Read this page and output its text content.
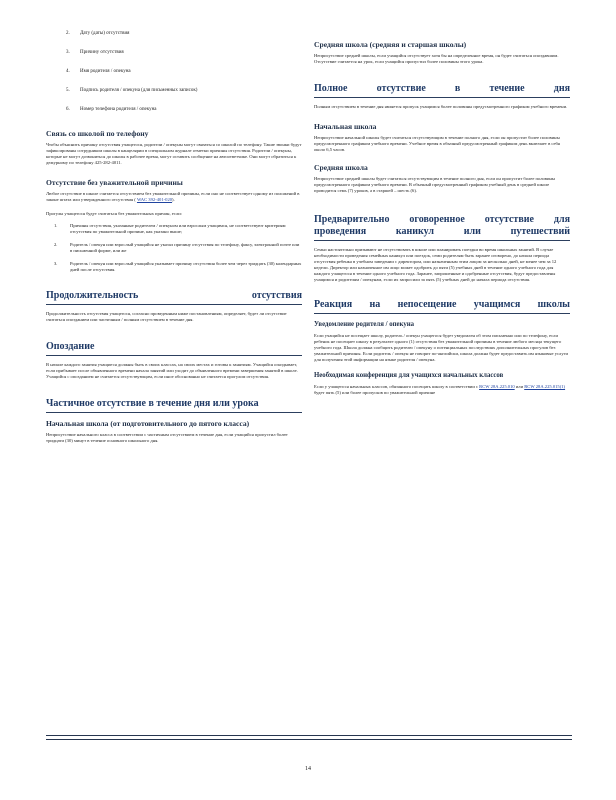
2.	Дату (даты) отсутствия
3.	Причину отсутствия
4.	Имя родителя / опекуна
5.	Подпись родителя / опекуна (для письменных записок)
6.	Номер телефона родителя / опекуна
Связь со школой по телефону

Чтобы объяснить причину отсутствия учащегося, родители / опекуны могут связаться со школой по телефону. Такие звонки будут зафиксированы сотрудником школы в канцелярии в специальном журнале отметки причины отсутствия. Родители / опекуны, которые не могут дозвониться до школы в рабочее время, могут оставить сообщение на автоответчике. Они могут обратиться к дежурному по телефону 425-282-4011.

Отсутствие без уважительной причины

Любое отсутствие в школе считается отсутствием без уважительной причины, если оно не соответствует одному из положений в законе штата или утвержденного отсутствия ( WAC 392-401-020).

Прогулы учащегося будут считаться без уважительных причин, если:

1.	Причины отсутствия, указанные родителем / опекуном или взрослым учащимся, не соответствуют критериям отсутствия по уважительной причине, как указано выше;
2.	Родитель / опекун или взрослый учащийся не указал причину отсутствия по телефону, факсу, электронной почте или в письменной форме, или же
3.	Родитель / опекун или взрослый учащийся указывает причину отсутствия более чем через тридцать (30) календарных дней после отсутствия.
Продолжительность отсутствия

Продолжительность отсутствия учащегося, согласно проведенным ниже постановлениям, определяет, будет ли отсутствие считаться опозданием или частичным / полным отсутствием в течение дня.

Опоздание

В начале каждого занятия учащиеся должны быть в своих классах, на своих местах и готовы к занятиям. Учащийся опаздывает, если прибывает после объявленного времени начала занятий или уходит до объявленного времени завершения занятий в школе. Учащийся с опозданием не считается отсутствующим, если иное обоснованно не считается прогулом отсутствия.

Частичное отсутствие в течение дня или урока
Начальная школа (от подготовительного до пятого класса)

Неприсутствие начального класса в соответствии с частичным отсутствием в течение дня, если учащийся пропустил более тридцати (30) минут в течение основного школьного дня.

Средняя школа (средняя и старшая школы)

Неприсутствие средней школы, если учащийся отсутствует хотя бы на определенное время, он будет считаться опоздавшим. Отсутствие считается на урок, если учащийся пропустил более половины этого урока.

Полное отсутствие в течение дня

Полным отсутствием в течение дня является пропуск учащимся более половины предусмотренного графиком учебного времени.

Начальная школа

Неприсутствие начальной школы будет считаться отсутствующим в течение полного дня, если он пропустит более половины предусмотренного графиком учебного времени. Учебное время в обычный предусмотренный графиком день включает в себя около 6,5 часов.

Средняя школа

Неприсутствие средней школы будет считаться отсутствующим в течение полного дня, если он пропустит более половины предусмотренного графиком учебного времени. В обычный предусмотренный графиком учебный день в средней школе проводится семь (7) уроков, а в старшей – шесть (6).

Предварительно оговоренное отсутствие для проведения каникул или путешествий

Семьи настоятельно призывают не отсутствовать в школе или планировать поездки во время школьных занятий. В случае необходимости проведения семейных каникул или поездок, семи родителям быть заранее оговорено, до начала периода отсутствия ребенка в учебном заведении с директором, или назначенным этим лицом за несколько дней, не менее чем за 12 недели. Директор или назначенное им лицо может одобрить до пяти (5) учебных дней в течение одного учебного года для каждого учащегося в течение одного учебного года. Заранее, запрошенные и одобренные отсутствия, будут предоставлены учащимся и родителям / опекунам, если их запросили за пять (5) учебных дней до начала периода отсутствия.

Реакция на непосещение учащимся школы
Уведомление родителя / опекуна

Если учащийся не посещает школу, родитель / опекун учащегося будет уведомлен об этом письменно или по телефону, если ребенок не посещает школу в результате одного (1) отсутствия без уважительной причины в течение любого месяца текущего учебного года. Школа должна сообщить родителю / опекуну о потенциальных последствиях дополнительных прогулов без уважительной причины. Если родитель / опекун не говорит по-английски, школа должна будет предоставить им языковые услуги для получения этой информации на языке родителя / опекуна.

Необходимая конференция для учащихся начальных классов

Если у учащегося начальных классов, обязанного посещать школу в соответствии с RCW 28A.225.010 или RCW 28A.225.015(1) будет пять (5) или более пропусков по уважительной причине

14
